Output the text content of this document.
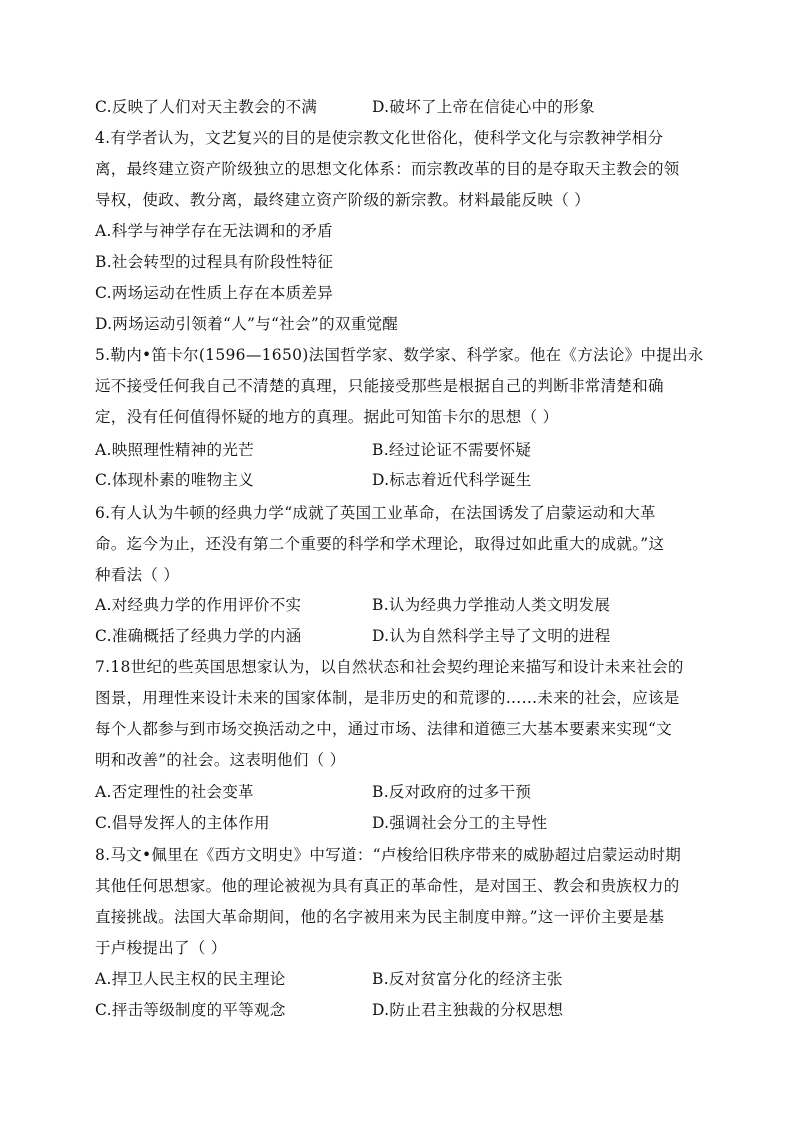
C.反映了人们对天主教会的不满	D.破坏了上帝在信徒心中的形象
4.有学者认为，文艺复兴的目的是使宗教文化世俗化，使科学文化与宗教神学相分
离，最终建立资产阶级独立的思想文化体系：而宗教改革的目的是夺取天主教会的领
导权，使政、教分离，最终建立资产阶级的新宗教。材料最能反映（ ）
A.科学与神学存在无法调和的矛盾
B.社会转型的过程具有阶段性特征
C.两场运动在性质上存在本质差异
D.两场运动引领着“人”与“社会”的双重觉醒
5.勒内•笛卡尔(1596—1650)法国哲学家、数学家、科学家。他在《方法论》中提出永
远不接受任何我自己不清楚的真理，只能接受那些是根据自己的判断非常清楚和确
定，没有任何值得怀疑的地方的真理。据此可知笛卡尔的思想（ ）
A.映照理性精神的光芒	B.经过论证不需要怀疑
C.体现朴素的唯物主义	D.标志着近代科学诞生
6.有人认为牛顿的经典力学“成就了英国工业革命，在法国诱发了启蒙运动和大革
命。迄今为止，还没有第二个重要的科学和学术理论，取得过如此重大的成就。”这
种看法（ ）
A.对经典力学的作用评价不实	B.认为经典力学推动人类文明发展
C.准确概括了经典力学的内涵	D.认为自然科学主导了文明的进程
7.18世纪的些英国思想家认为，以自然状态和社会契约理论来描写和设计未来社会的
图景，用理性来设计未来的国家体制，是非历史的和荒谬的……未来的社会，应该是
每个人都参与到市场交换活动之中，通过市场、法律和道德三大基本要素来实现“文
明和改善”的社会。这表明他们（ ）
A.否定理性的社会变革	B.反对政府的过多干预
C.倡导发挥人的主体作用	D.强调社会分工的主导性
8.马文•佩里在《西方文明史》中写道：“卢梭给旧秩序带来的威胁超过启蒙运动时期
其他任何思想家。他的理论被视为具有真正的革命性，是对国王、教会和贵族权力的
直接挑战。法国大革命期间，他的名字被用来为民主制度申辩。”这一评价主要是基
于卢梭提出了（ ）
A.捍卫人民主权的民主理论	B.反对贫富分化的经济主张
C.抨击等级制度的平等观念	D.防止君主独裁的分权思想
